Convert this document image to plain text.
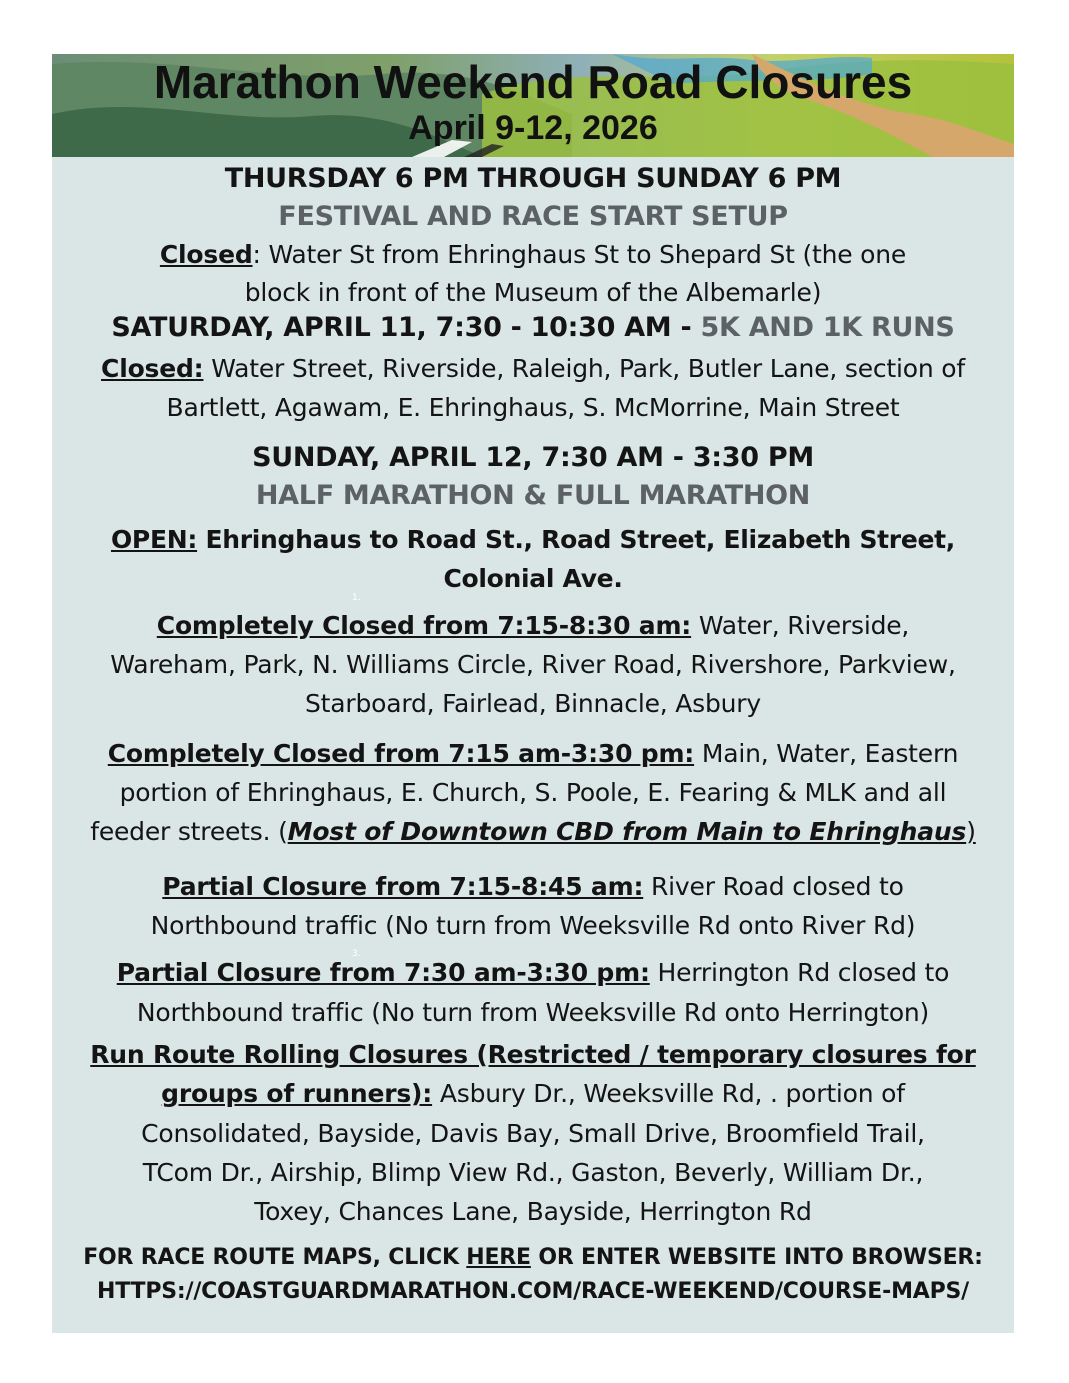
Marathon Weekend Road Closures
April 9-12, 2026
THURSDAY 6 PM THROUGH SUNDAY 6 PM
FESTIVAL AND RACE START SETUP
Closed: Water St from Ehringhaus St to Shepard St (the one
block in front of the Museum of the Albemarle)
SATURDAY, APRIL 11, 7:30 - 10:30 AM - 5K AND 1K RUNS
Closed: Water Street, Riverside, Raleigh, Park, Butler Lane, section of
Bartlett, Agawam, E. Ehringhaus, S. McMorrine, Main Street
SUNDAY, APRIL 12, 7:30 AM - 3:30 PM
HALF MARATHON & FULL MARATHON
OPEN: Ehringhaus to Road St., Road Street, Elizabeth Street,
Colonial Ave.
1.
Completely Closed from 7:15-8:30 am: Water, Riverside,
Wareham, Park, N. Williams Circle, River Road, Rivershore, Parkview,
Starboard, Fairlead, Binnacle, Asbury
Completely Closed from 7:15 am-3:30 pm: Main, Water, Eastern
portion of Ehringhaus, E. Church, S. Poole, E. Fearing & MLK and all
feeder streets. (Most of Downtown CBD from Main to Ehringhaus)
Partial Closure from 7:15-8:45 am: River Road closed to
Northbound traffic (No turn from Weeksville Rd onto River Rd)
3.
Partial Closure from 7:30 am-3:30 pm: Herrington Rd closed to
Northbound traffic (No turn from Weeksville Rd onto Herrington)
Run Route Rolling Closures (Restricted / temporary closures for
groups of runners): Asbury Dr., Weeksville Rd, . portion of
Consolidated, Bayside, Davis Bay, Small Drive, Broomfield Trail,
TCom Dr., Airship, Blimp View Rd., Gaston, Beverly, William Dr.,
Toxey, Chances Lane, Bayside, Herrington Rd
FOR RACE ROUTE MAPS, CLICK HERE OR ENTER WEBSITE INTO BROWSER:
HTTPS://COASTGUARDMARATHON.COM/RACE-WEEKEND/COURSE-MAPS/
